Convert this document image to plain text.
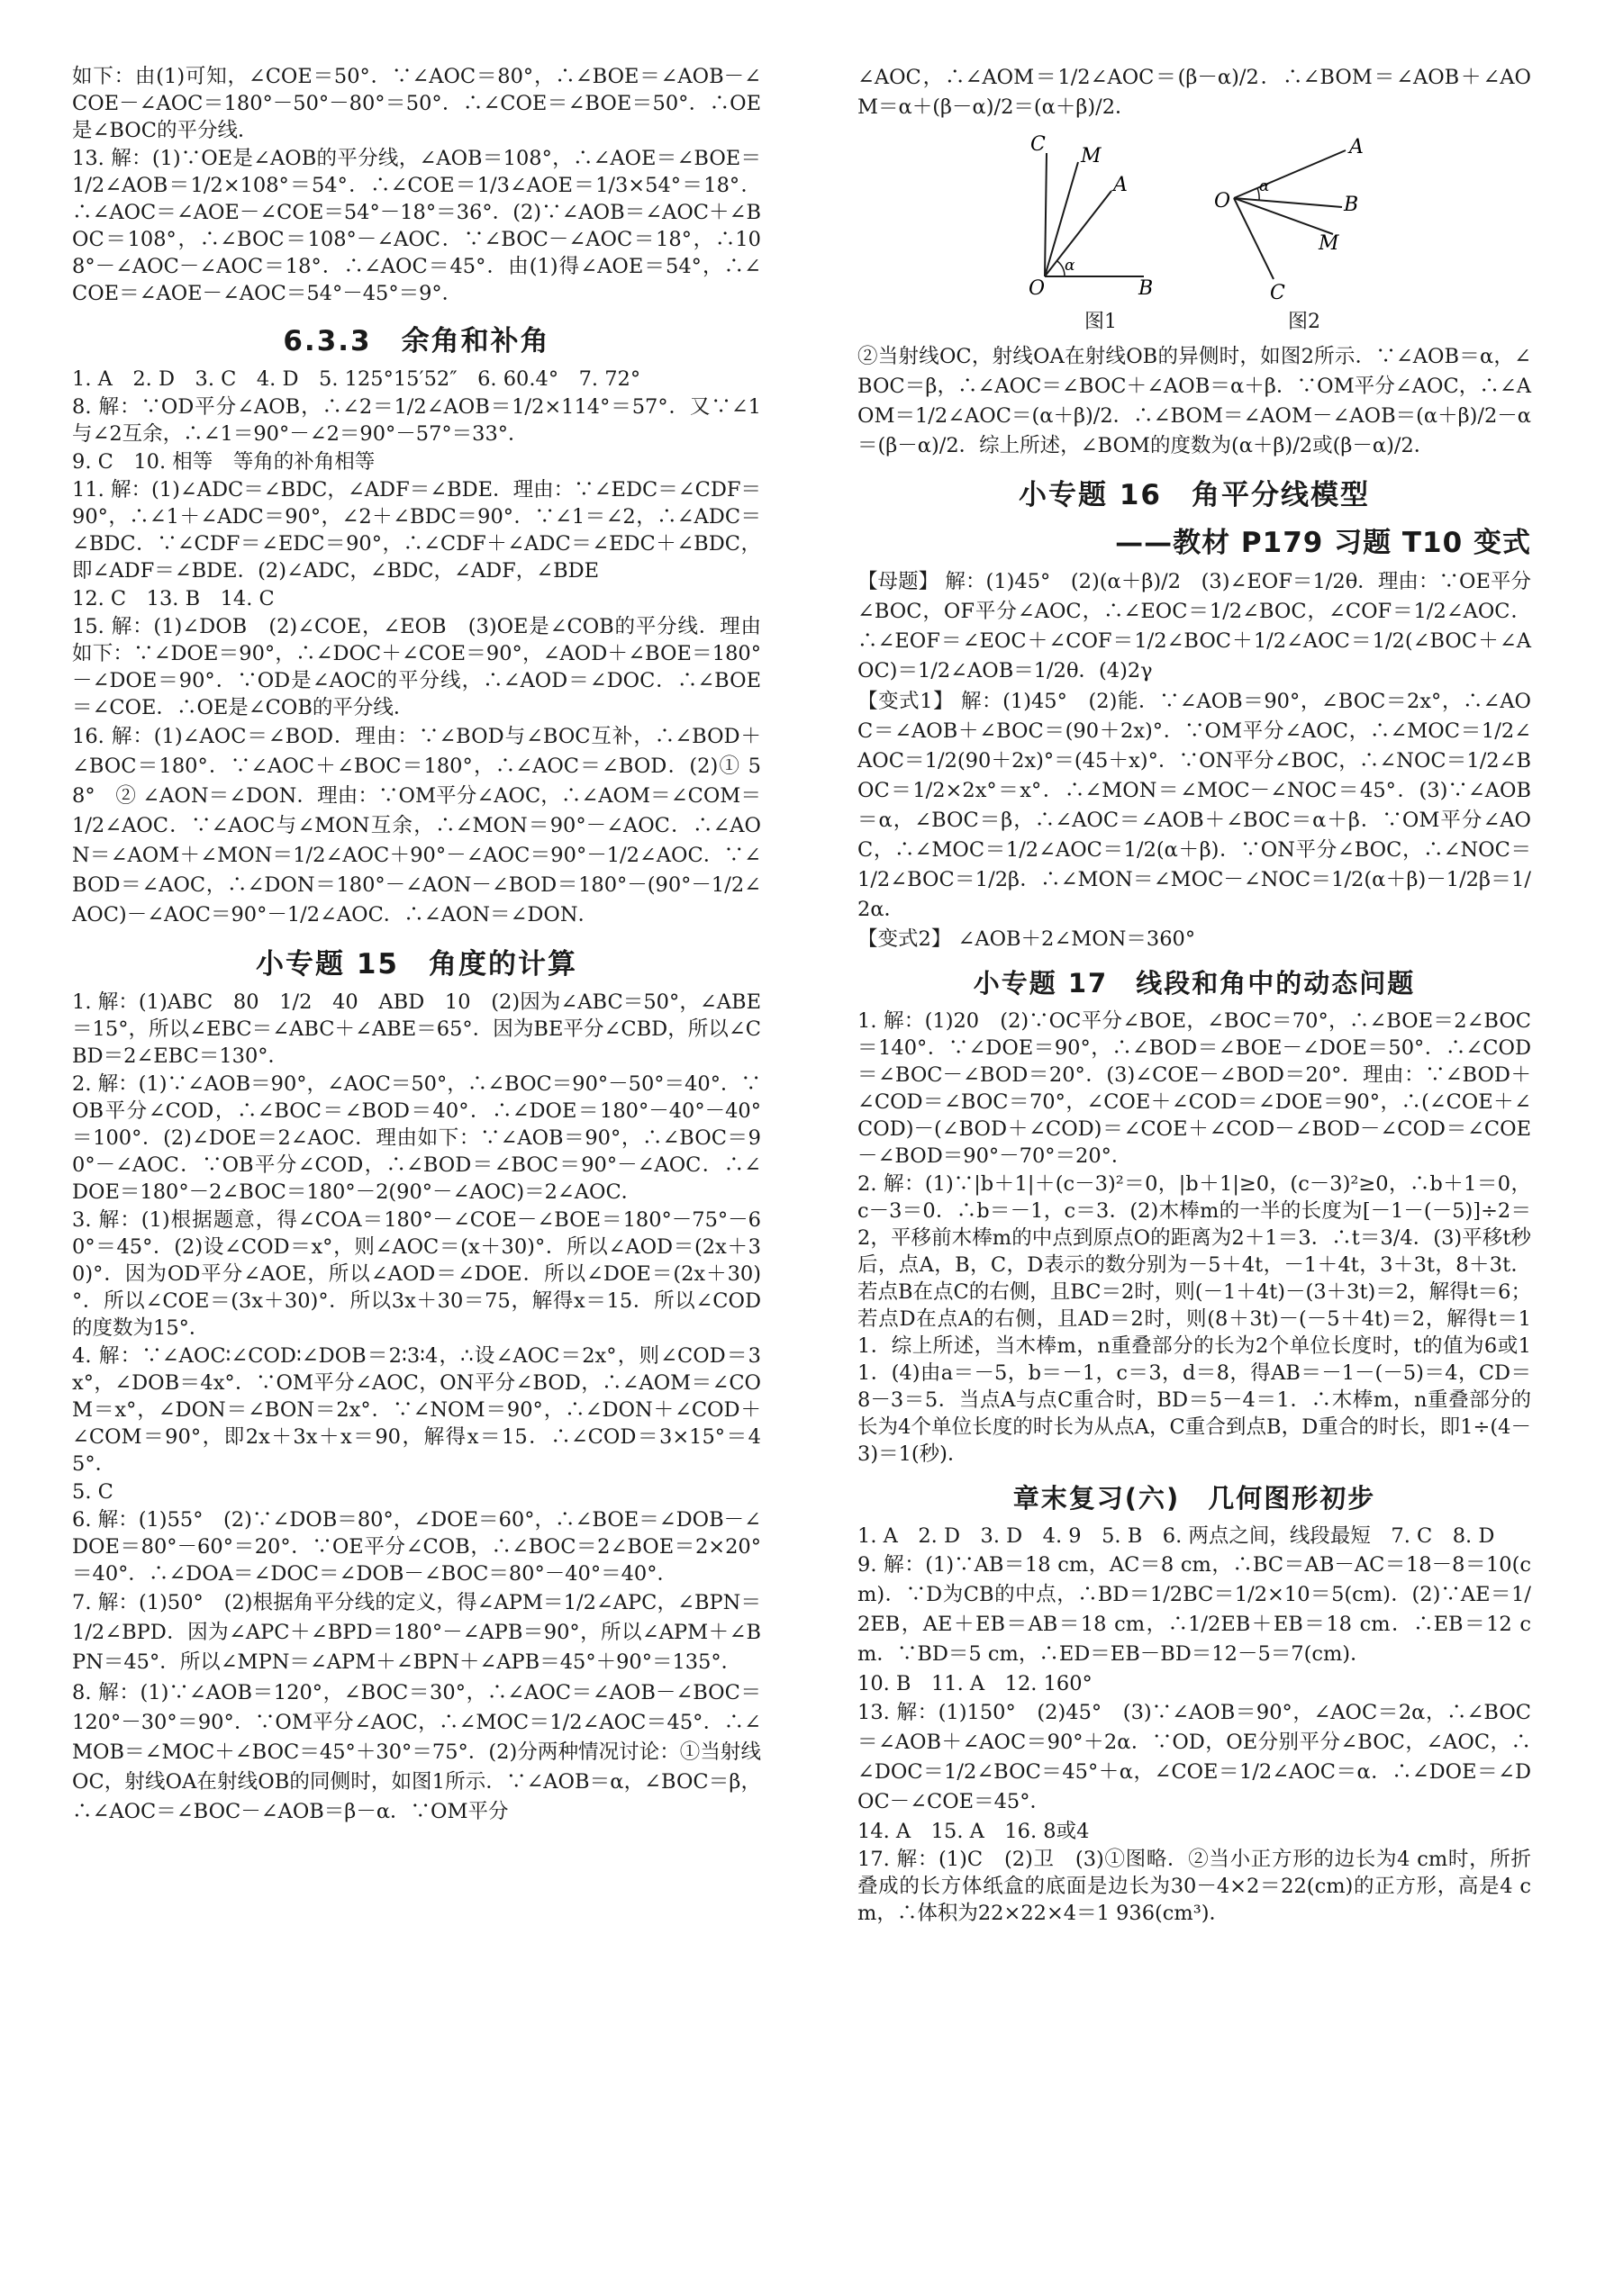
如下：由(1)可知，∠COE＝50°．∵∠AOC＝80°，∴∠BOE＝∠AOB－∠COE－∠AOC＝180°－50°－80°＝50°．∴∠COE＝∠BOE＝50°．∴OE是∠BOC的平分线．

13. 解：(1)∵OE是∠AOB的平分线，∠AOB＝108°，∴∠AOE＝∠BOE＝1/2∠AOB＝1/2×108°＝54°．∴∠COE＝1/3∠AOE＝1/3×54°＝18°．∴∠AOC＝∠AOE－∠COE＝54°－18°＝36°．(2)∵∠AOB＝∠AOC＋∠BOC＝108°，∴∠BOC＝108°－∠AOC．∵∠BOC－∠AOC＝18°，∴108°－∠AOC－∠AOC＝18°．∴∠AOC＝45°．由(1)得∠AOE＝54°，∴∠COE＝∠AOE－∠AOC＝54°－45°＝9°．

6.3.3　余角和补角

1. A　2. D　3. C　4. D　5. 125°15′52″　6. 60.4°　7. 72°

8. 解：∵OD平分∠AOB，∴∠2＝1/2∠AOB＝1/2×114°＝57°．又∵∠1与∠2互余，∴∠1＝90°－∠2＝90°－57°＝33°．

9. C　10. 相等　等角的补角相等

11. 解：(1)∠ADC＝∠BDC，∠ADF＝∠BDE．理由：∵∠EDC＝∠CDF＝90°，∴∠1＋∠ADC＝90°，∠2＋∠BDC＝90°．∵∠1＝∠2，∴∠ADC＝∠BDC．∵∠CDF＝∠EDC＝90°，∴∠CDF＋∠ADC＝∠EDC＋∠BDC，即∠ADF＝∠BDE．(2)∠ADC，∠BDC，∠ADF，∠BDE

12. C　13. B　14. C

15. 解：(1)∠DOB　(2)∠COE，∠EOB　(3)OE是∠COB的平分线．理由如下：∵∠DOE＝90°，∴∠DOC＋∠COE＝90°，∠AOD＋∠BOE＝180°－∠DOE＝90°．∵OD是∠AOC的平分线，∴∠AOD＝∠DOC．∴∠BOE＝∠COE．∴OE是∠COB的平分线．

16. 解：(1)∠AOC＝∠BOD．理由：∵∠BOD与∠BOC互补，∴∠BOD＋∠BOC＝180°．∵∠AOC＋∠BOC＝180°，∴∠AOC＝∠BOD．(2)① 58°　② ∠AON＝∠DON．理由：∵OM平分∠AOC，∴∠AOM＝∠COM＝1/2∠AOC．∵∠AOC与∠MON互余，∴∠MON＝90°－∠AOC．∴∠AON＝∠AOM＋∠MON＝1/2∠AOC＋90°－∠AOC＝90°－1/2∠AOC．∵∠BOD＝∠AOC，∴∠DON＝180°－∠AON－∠BOD＝180°－(90°－1/2∠AOC)－∠AOC＝90°－1/2∠AOC．∴∠AON＝∠DON．

小专题 15　角度的计算

1. 解：(1)ABC　80　1/2　40　ABD　10　(2)因为∠ABC＝50°，∠ABE＝15°，所以∠EBC＝∠ABC＋∠ABE＝65°．因为BE平分∠CBD，所以∠CBD＝2∠EBC＝130°．

2. 解：(1)∵∠AOB＝90°，∠AOC＝50°，∴∠BOC＝90°－50°＝40°．∵OB平分∠COD，∴∠BOC＝∠BOD＝40°．∴∠DOE＝180°－40°－40°＝100°．(2)∠DOE＝2∠AOC．理由如下：∵∠AOB＝90°，∴∠BOC＝90°－∠AOC．∵OB平分∠COD，∴∠BOD＝∠BOC＝90°－∠AOC．∴∠DOE＝180°－2∠BOC＝180°－2(90°－∠AOC)＝2∠AOC．

3. 解：(1)根据题意，得∠COA＝180°－∠COE－∠BOE＝180°－75°－60°＝45°．(2)设∠COD＝x°，则∠AOC＝(x＋30)°．所以∠AOD＝(2x＋30)°．因为OD平分∠AOE，所以∠AOD＝∠DOE．所以∠DOE＝(2x＋30)°．所以∠COE＝(3x＋30)°．所以3x＋30＝75，解得x＝15．所以∠COD的度数为15°．

4. 解：∵∠AOC∶∠COD∶∠DOB＝2∶3∶4，∴设∠AOC＝2x°，则∠COD＝3x°，∠DOB＝4x°．∵OM平分∠AOC，ON平分∠BOD，∴∠AOM＝∠COM＝x°，∠DON＝∠BON＝2x°．∵∠NOM＝90°，∴∠DON＋∠COD＋∠COM＝90°，即2x＋3x＋x＝90，解得x＝15．∴∠COD＝3×15°＝45°．

5. C

6. 解：(1)55°　(2)∵∠DOB＝80°，∠DOE＝60°，∴∠BOE＝∠DOB－∠DOE＝80°－60°＝20°．∵OE平分∠COB，∴∠BOC＝2∠BOE＝2×20°＝40°．∴∠DOA＝∠DOC＝∠DOB－∠BOC＝80°－40°＝40°．

7. 解：(1)50°　(2)根据角平分线的定义，得∠APM＝1/2∠APC，∠BPN＝1/2∠BPD．因为∠APC＋∠BPD＝180°－∠APB＝90°，所以∠APM＋∠BPN＝45°．所以∠MPN＝∠APM＋∠BPN＋∠APB＝45°＋90°＝135°．

8. 解：(1)∵∠AOB＝120°，∠BOC＝30°，∴∠AOC＝∠AOB－∠BOC＝120°－30°＝90°．∵OM平分∠AOC，∴∠MOC＝1/2∠AOC＝45°．∴∠MOB＝∠MOC＋∠BOC＝45°＋30°＝75°．(2)分两种情况讨论：①当射线OC，射线OA在射线OB的同侧时，如图1所示．∵∠AOB＝α，∠BOC＝β，∴∠AOC＝∠BOC－∠AOB＝β－α．∵OM平分

∠AOC，∴∠AOM＝1/2∠AOC＝(β－α)/2．∴∠BOM＝∠AOB＋∠AOM＝α＋(β－α)/2＝(α＋β)/2．

C
M
A
O
α
B
A
α
O	B
M
C
图1	图2

②当射线OC，射线OA在射线OB的异侧时，如图2所示．∵∠AOB＝α，∠BOC＝β，∴∠AOC＝∠BOC＋∠AOB＝α＋β．∵OM平分∠AOC，∴∠AOM＝1/2∠AOC＝(α＋β)/2．∴∠BOM＝∠AOM－∠AOB＝(α＋β)/2－α＝(β－α)/2．综上所述，∠BOM的度数为(α＋β)/2或(β－α)/2．

小专题 16　角平分线模型
——教材 P179 习题 T10 变式

【母题】 解：(1)45°　(2)(α＋β)/2　(3)∠EOF＝1/2θ．理由：∵OE平分∠BOC，OF平分∠AOC，∴∠EOC＝1/2∠BOC，∠COF＝1/2∠AOC．∴∠EOF＝∠EOC＋∠COF＝1/2∠BOC＋1/2∠AOC＝1/2(∠BOC＋∠AOC)＝1/2∠AOB＝1/2θ．(4)2γ

【变式1】 解：(1)45°　(2)能．∵∠AOB＝90°，∠BOC＝2x°，∴∠AOC＝∠AOB＋∠BOC＝(90＋2x)°．∵OM平分∠AOC，∴∠MOC＝1/2∠AOC＝1/2(90＋2x)°＝(45＋x)°．∵ON平分∠BOC，∴∠NOC＝1/2∠BOC＝1/2×2x°＝x°．∴∠MON＝∠MOC－∠NOC＝45°．(3)∵∠AOB＝α，∠BOC＝β，∴∠AOC＝∠AOB＋∠BOC＝α＋β．∵OM平分∠AOC，∴∠MOC＝1/2∠AOC＝1/2(α＋β)．∵ON平分∠BOC，∴∠NOC＝1/2∠BOC＝1/2β．∴∠MON＝∠MOC－∠NOC＝1/2(α＋β)－1/2β＝1/2α．

【变式2】 ∠AOB＋2∠MON＝360°

小专题 17　线段和角中的动态问题

1. 解：(1)20　(2)∵OC平分∠BOE，∠BOC＝70°，∴∠BOE＝2∠BOC＝140°．∵∠DOE＝90°，∴∠BOD＝∠BOE－∠DOE＝50°．∴∠COD＝∠BOC－∠BOD＝20°．(3)∠COE－∠BOD＝20°．理由：∵∠BOD＋∠COD＝∠BOC＝70°，∠COE＋∠COD＝∠DOE＝90°，∴(∠COE＋∠COD)－(∠BOD＋∠COD)＝∠COE＋∠COD－∠BOD－∠COD＝∠COE－∠BOD＝90°－70°＝20°．

2. 解：(1)∵|b＋1|＋(c－3)²＝0，|b＋1|≥0，(c－3)²≥0，∴b＋1＝0，c－3＝0．∴b＝－1，c＝3．(2)木棒m的一半的长度为[－1－(－5)]÷2＝2，平移前木棒m的中点到原点O的距离为2＋1＝3．∴t＝3/4．(3)平移t秒后，点A，B，C，D表示的数分别为－5＋4t，－1＋4t，3＋3t，8＋3t．若点B在点C的右侧，且BC＝2时，则(－1＋4t)－(3＋3t)＝2，解得t＝6；若点D在点A的右侧，且AD＝2时，则(8＋3t)－(－5＋4t)＝2，解得t＝11．综上所述，当木棒m，n重叠部分的长为2个单位长度时，t的值为6或11．(4)由a＝－5，b＝－1，c＝3，d＝8，得AB＝－1－(－5)＝4，CD＝8－3＝5．当点A与点C重合时，BD＝5－4＝1．∴木棒m，n重叠部分的长为4个单位长度的时长为从点A，C重合到点B，D重合的时长，即1÷(4－3)＝1(秒)．

章末复习(六)　几何图形初步

1. A　2. D　3. D　4. 9　5. B　6. 两点之间，线段最短　7. C　8. D

9. 解：(1)∵AB＝18 cm，AC＝8 cm，∴BC＝AB－AC＝18－8＝10(cm)．∵D为CB的中点，∴BD＝1/2BC＝1/2×10＝5(cm)．(2)∵AE＝1/2EB，AE＋EB＝AB＝18 cm，∴1/2EB＋EB＝18 cm．∴EB＝12 cm．∵BD＝5 cm，∴ED＝EB－BD＝12－5＝7(cm)．

10. B　11. A　12. 160°

13. 解：(1)150°　(2)45°　(3)∵∠AOB＝90°，∠AOC＝2α，∴∠BOC＝∠AOB＋∠AOC＝90°＋2α．∵OD，OE分别平分∠BOC，∠AOC，∴∠DOC＝1/2∠BOC＝45°＋α，∠COE＝1/2∠AOC＝α．∴∠DOE＝∠DOC－∠COE＝45°．

14. A　15. A　16. 8或4

17. 解：(1)C　(2)卫　(3)①图略．②当小正方形的边长为4 cm时，所折叠成的长方体纸盒的底面是边长为30－4×2＝22(cm)的正方形，高是4 cm，∴体积为22×22×4＝1 936(cm³)．
